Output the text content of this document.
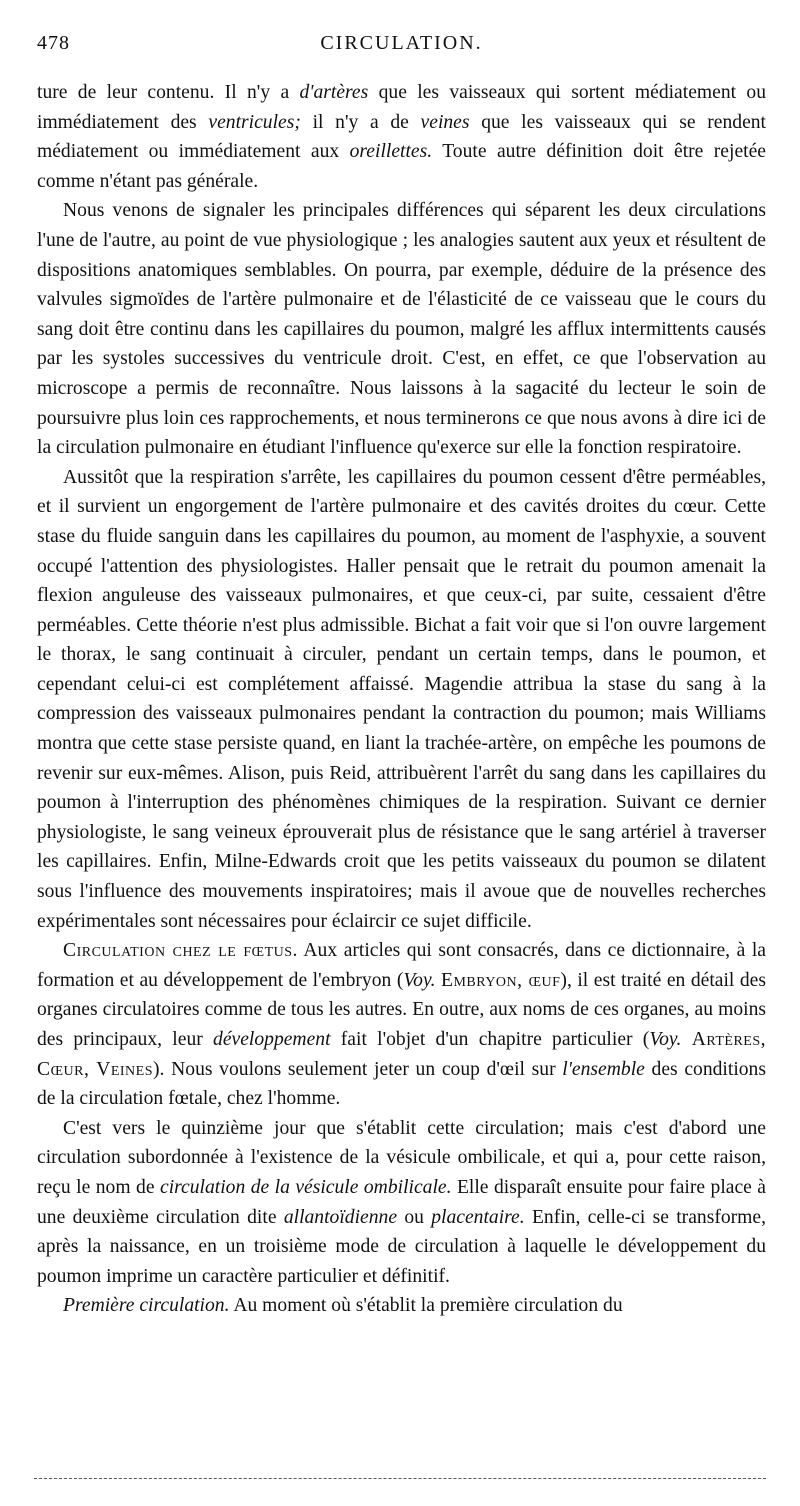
478	CIRCULATION.

ture de leur contenu. Il n'y a d'artères que les vaisseaux qui sortent médiatement ou immédiatement des ventricules; il n'y a de veines que les vaisseaux qui se rendent médiatement ou immédiatement aux oreillettes. Toute autre définition doit être rejetée comme n'étant pas générale.

Nous venons de signaler les principales différences qui séparent les deux circulations l'une de l'autre, au point de vue physiologique ; les analogies sautent aux yeux et résultent de dispositions anatomiques semblables. On pourra, par exemple, déduire de la présence des valvules sigmoïdes de l'artère pulmonaire et de l'élasticité de ce vaisseau que le cours du sang doit être continu dans les capillaires du poumon, malgré les afflux intermittents causés par les systoles successives du ventricule droit. C'est, en effet, ce que l'observation au microscope a permis de reconnaître. Nous laissons à la sagacité du lecteur le soin de poursuivre plus loin ces rapprochements, et nous terminerons ce que nous avons à dire ici de la circulation pulmonaire en étudiant l'influence qu'exerce sur elle la fonction respiratoire.

Aussitôt que la respiration s'arrête, les capillaires du poumon cessent d'être perméables, et il survient un engorgement de l'artère pulmonaire et des cavités droites du cœur. Cette stase du fluide sanguin dans les capillaires du poumon, au moment de l'asphyxie, a souvent occupé l'attention des physiologistes. Haller pensait que le retrait du poumon amenait la flexion anguleuse des vaisseaux pulmonaires, et que ceux-ci, par suite, cessaient d'être perméables. Cette théorie n'est plus admissible. Bichat a fait voir que si l'on ouvre largement le thorax, le sang continuait à circuler, pendant un certain temps, dans le poumon, et cependant celui-ci est complétement affaissé. Magendie attribua la stase du sang à la compression des vaisseaux pulmonaires pendant la contraction du poumon; mais Williams montra que cette stase persiste quand, en liant la trachée-artère, on empêche les poumons de revenir sur eux-mêmes. Alison, puis Reid, attribuèrent l'arrêt du sang dans les capillaires du poumon à l'interruption des phénomènes chimiques de la respiration. Suivant ce dernier physiologiste, le sang veineux éprouverait plus de résistance que le sang artériel à traverser les capillaires. Enfin, Milne-Edwards croit que les petits vaisseaux du poumon se dilatent sous l'influence des mouvements inspiratoires; mais il avoue que de nouvelles recherches expérimentales sont nécessaires pour éclaircir ce sujet difficile.

Circulation chez le fœtus. Aux articles qui sont consacrés, dans ce dictionnaire, à la formation et au développement de l'embryon (Voy. Embryon, œuf), il est traité en détail des organes circulatoires comme de tous les autres. En outre, aux noms de ces organes, au moins des principaux, leur développement fait l'objet d'un chapitre particulier (Voy. Artères, Cœur, Veines). Nous voulons seulement jeter un coup d'œil sur l'ensemble des conditions de la circulation fœtale, chez l'homme.

C'est vers le quinzième jour que s'établit cette circulation; mais c'est d'abord une circulation subordonnée à l'existence de la vésicule ombilicale, et qui a, pour cette raison, reçu le nom de circulation de la vésicule ombilicale. Elle disparaît ensuite pour faire place à une deuxième circulation dite allantoïdienne ou placentaire. Enfin, celle-ci se transforme, après la naissance, en un troisième mode de circulation à laquelle le développement du poumon imprime un caractère particulier et définitif.

Première circulation. Au moment où s'établit la première circulation du
